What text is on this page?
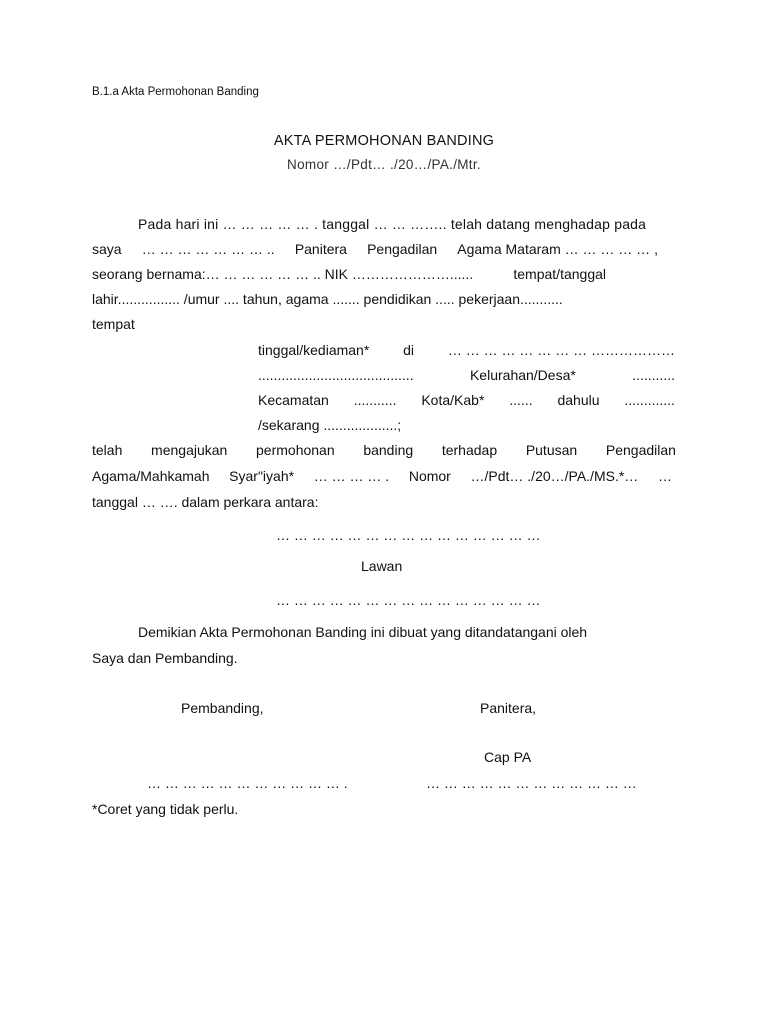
B.1.a Akta Permohonan Banding
AKTA PERMOHONAN BANDING
Nomor …/Pdt… ./20…/PA./Mtr.
Pada hari ini … … … … … . tanggal … … …….. telah datang menghadap pada
saya … … … … … … … .. Panitera Pengadilan Agama Mataram … … … … … ,
seorang bernama:… … … … … … .. NIK …………………......	tempat/tanggal
lahir................ /umur .... tahun, agama ....... pendidikan ..... pekerjaan...........
tempat
tinggal/kediaman* di … … … … … … … … ………………
........................................	Kelurahan/Desa*	...........
Kecamatan ........... Kota/Kab* ...... dahulu .............
/sekarang ...................;
telah mengajukan permohonan banding terhadap Putusan Pengadilan
Agama/Mahkamah Syar"iyah* … … … … . Nomor …/Pdt… ./20…/PA./MS.*… …
tanggal … …. dalam perkara antara:
… … … … … … … … … … … … … … …
Lawan
… … … … … … … … … … … … … … …
Demikian Akta Permohonan Banding ini dibuat yang ditandatangani oleh
Saya dan Pembanding.
Pembanding,	Panitera,
Cap PA
… … … … … … … … … … … .	… … … … … … … … … … … …
*Coret yang tidak perlu.
